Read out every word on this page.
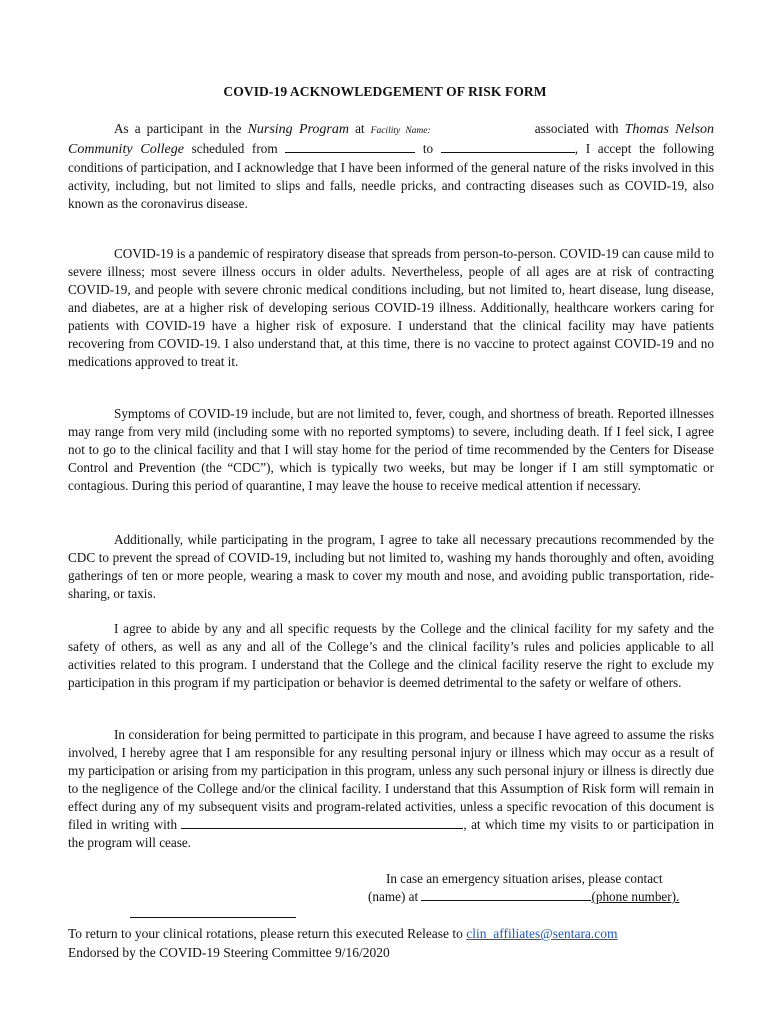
COVID-19 ACKNOWLEDGEMENT OF RISK FORM
As a participant in the Nursing Program at Facility Name:	associated with Thomas Nelson Community College scheduled from	to	, I accept the following conditions of participation, and I acknowledge that I have been informed of the general nature of the risks involved in this activity, including, but not limited to slips and falls, needle pricks, and contracting diseases such as COVID-19, also known as the coronavirus disease.
COVID-19 is a pandemic of respiratory disease that spreads from person-to-person. COVID-19 can cause mild to severe illness; most severe illness occurs in older adults. Nevertheless, people of all ages are at risk of contracting COVID-19, and people with severe chronic medical conditions including, but not limited to, heart disease, lung disease, and diabetes, are at a higher risk of developing serious COVID-19 illness. Additionally, healthcare workers caring for patients with COVID-19 have a higher risk of exposure. I understand that the clinical facility may have patients recovering from COVID-19. I also understand that, at this time, there is no vaccine to protect against COVID-19 and no medications approved to treat it.
Symptoms of COVID-19 include, but are not limited to, fever, cough, and shortness of breath. Reported illnesses may range from very mild (including some with no reported symptoms) to severe, including death. If I feel sick, I agree not to go to the clinical facility and that I will stay home for the period of time recommended by the Centers for Disease Control and Prevention (the “CDC”), which is typically two weeks, but may be longer if I am still symptomatic or contagious. During this period of quarantine, I may leave the house to receive medical attention if necessary.
Additionally, while participating in the program, I agree to take all necessary precautions recommended by the CDC to prevent the spread of COVID-19, including but not limited to, washing my hands thoroughly and often, avoiding gatherings of ten or more people, wearing a mask to cover my mouth and nose, and avoiding public transportation, ride-sharing, or taxis.
I agree to abide by any and all specific requests by the College and the clinical facility for my safety and the safety of others, as well as any and all of the College’s and the clinical facility’s rules and policies applicable to all activities related to this program. I understand that the College and the clinical facility reserve the right to exclude my participation in this program if my participation or behavior is deemed detrimental to the safety or welfare of others.
In consideration for being permitted to participate in this program, and because I have agreed to assume the risks involved, I hereby agree that I am responsible for any resulting personal injury or illness which may occur as a result of my participation or arising from my participation in this program, unless any such personal injury or illness is directly due to the negligence of the College and/or the clinical facility. I understand that this Assumption of Risk form will remain in effect during any of my subsequent visits and program-related activities, unless a specific revocation of this document is filed in writing with	, at which time my visits to or participation in the program will cease.
In case an emergency situation arises, please contact
(name) at	(phone number).
To return to your clinical rotations, please return this executed Release to clin_affiliates@sentara.com
Endorsed by the COVID-19 Steering Committee 9/16/2020
